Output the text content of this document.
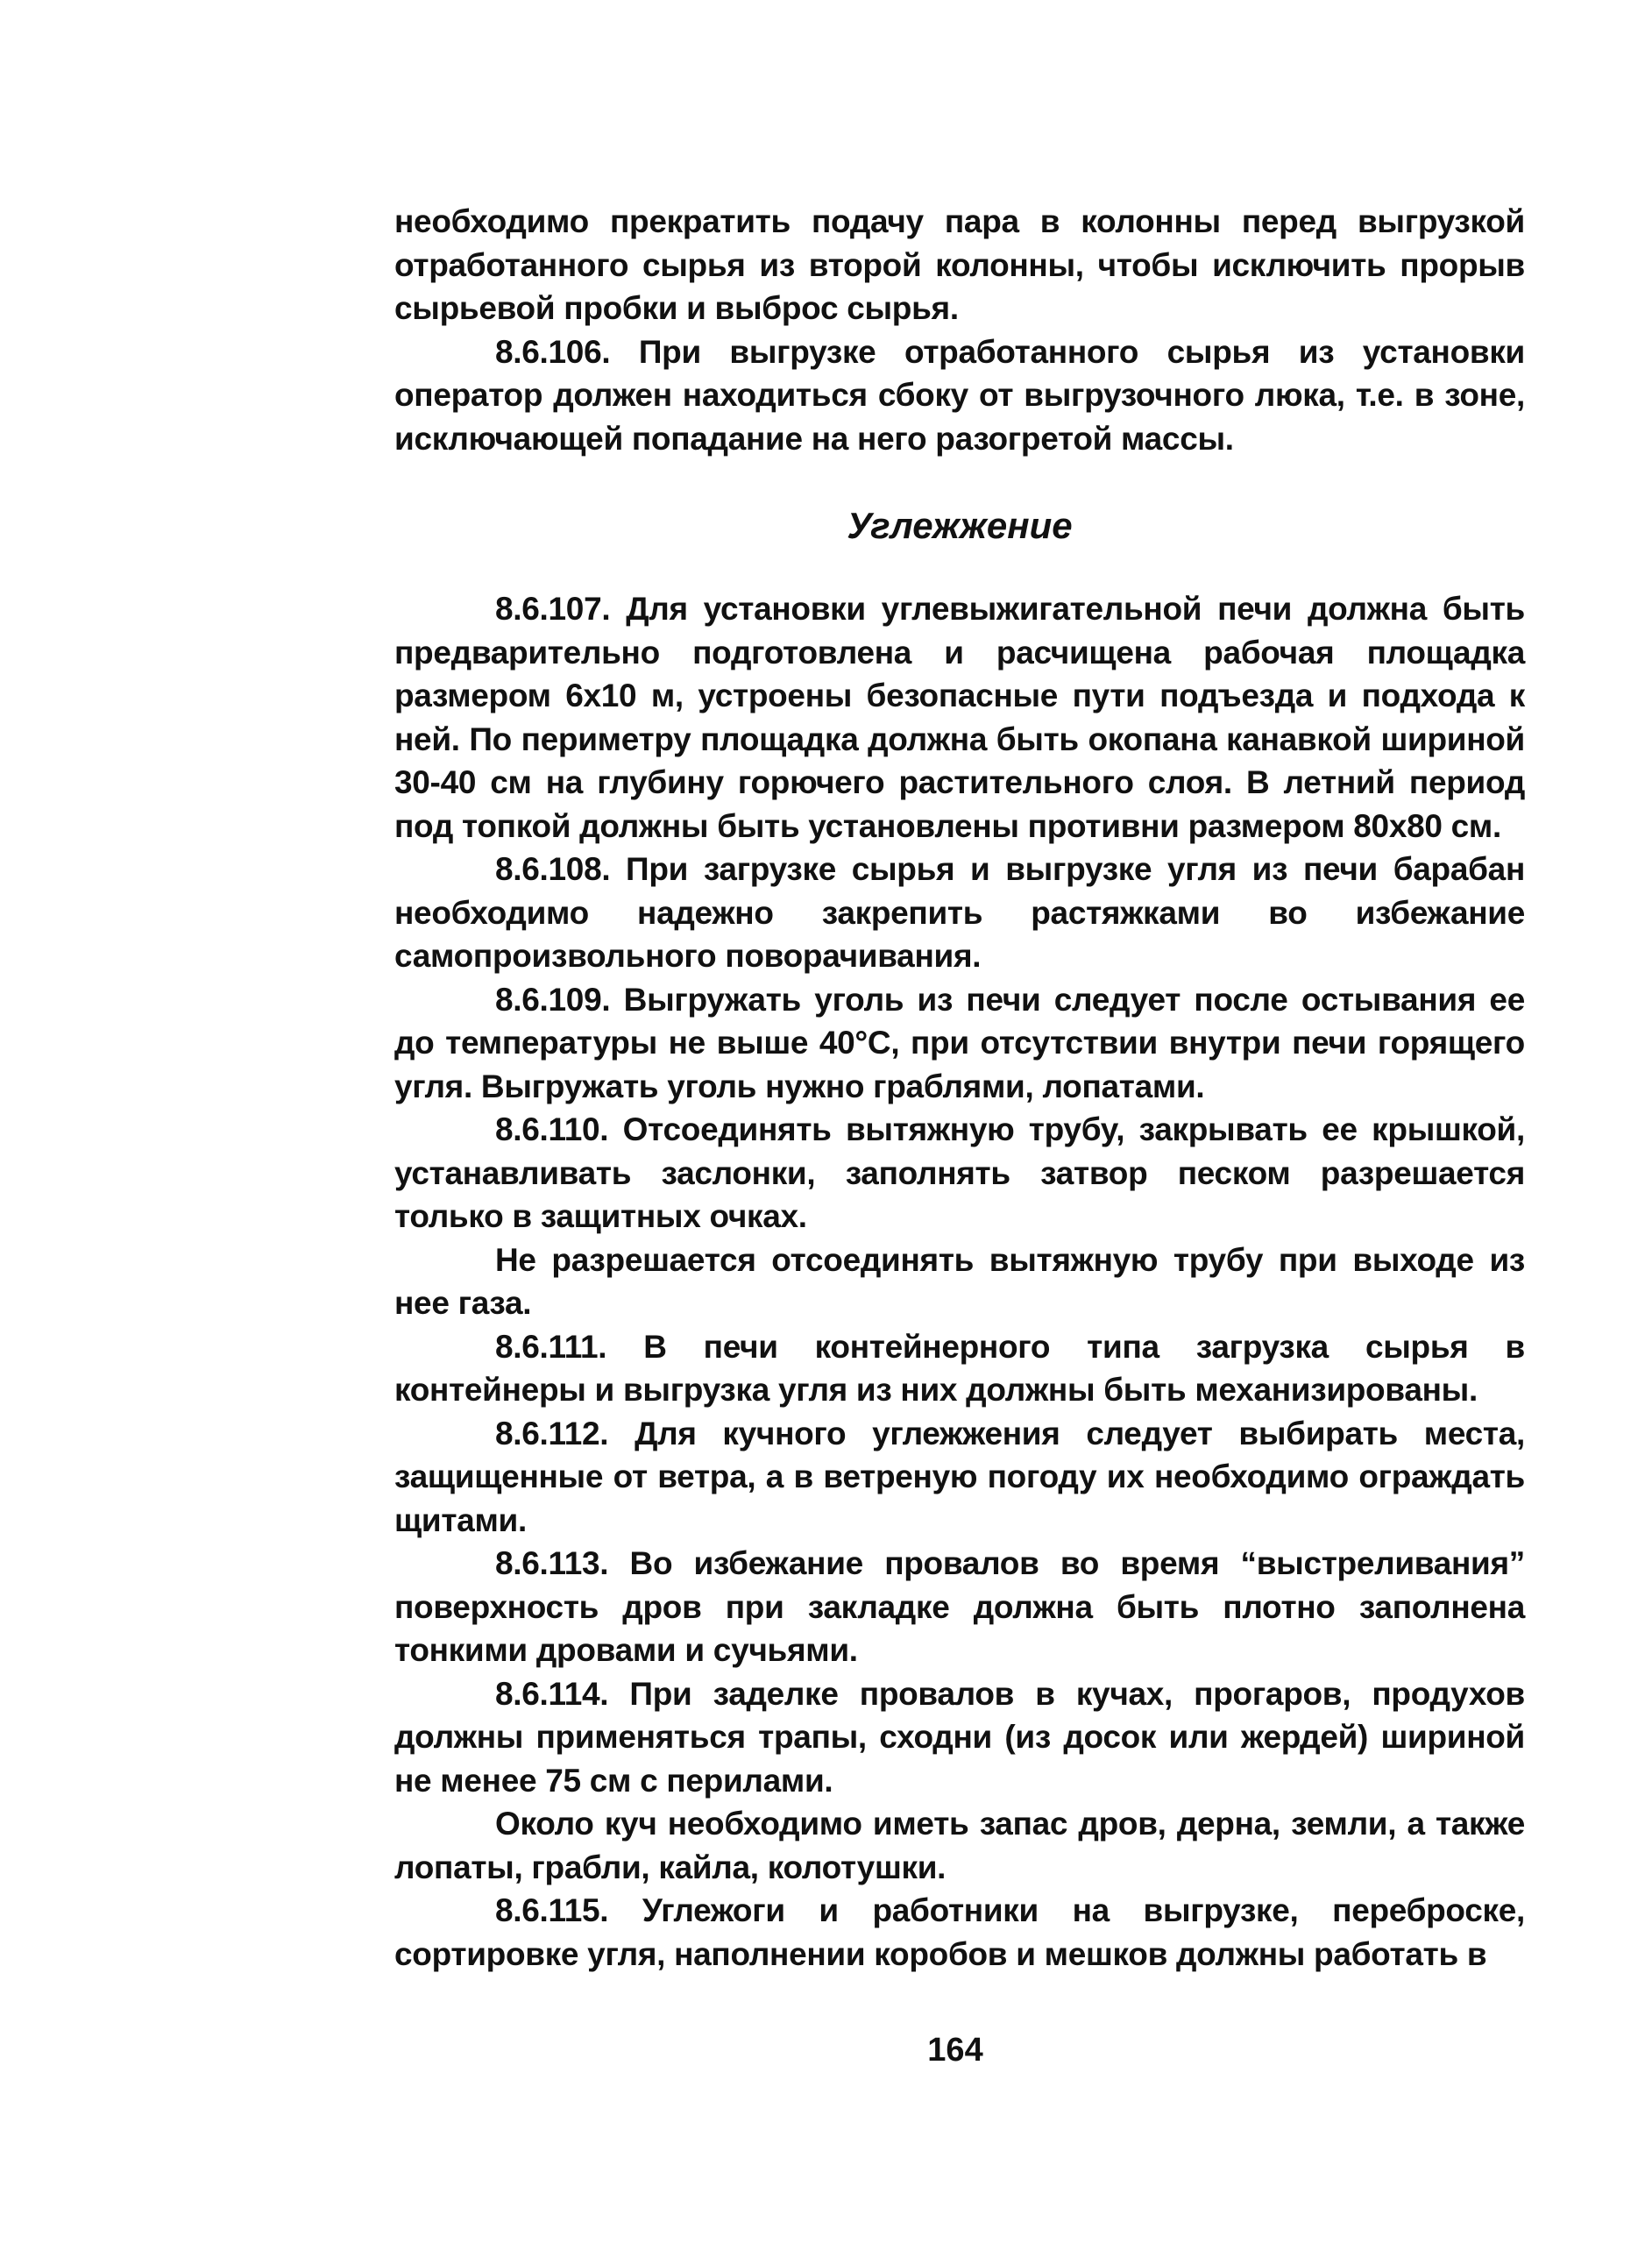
необходимо прекратить подачу пара в колонны перед выгрузкой отработанного сырья из второй колонны, чтобы исключить прорыв сырьевой пробки и выброс сырья.

8.6.106. При выгрузке отработанного сырья из установки оператор должен находиться сбоку от выгрузочного люка, т.е. в зоне, исключающей попадание на него разогретой массы.

Углежжение

8.6.107. Для установки углевыжигательной печи должна быть предварительно подготовлена и расчищена рабочая площадка размером 6х10 м, устроены безопасные пути подъезда и подхода к ней. По периметру площадка должна быть окопана канавкой шириной 30-40 см на глубину горючего растительного слоя. В летний период под топкой должны быть установлены противни размером 80х80 см.

8.6.108. При загрузке сырья и выгрузке угля из печи барабан необходимо надежно закрепить растяжками во избежание самопроизвольного поворачивания.

8.6.109. Выгружать уголь из печи следует после остывания ее до температуры не выше 40°С, при отсутствии внутри печи горящего угля. Выгружать уголь нужно граблями, лопатами.

8.6.110. Отсоединять вытяжную трубу, закрывать ее крышкой, устанавливать заслонки, заполнять затвор песком разрешается только в защитных очках.

Не разрешается отсоединять вытяжную трубу при выходе из нее газа.

8.6.111. В печи контейнерного типа загрузка сырья в контейнеры и выгрузка угля из них должны быть механизированы.

8.6.112. Для кучного углежжения следует выбирать места, защищенные от ветра, а в ветреную погоду их необходимо ограждать щитами.

8.6.113. Во избежание провалов во время “выстреливания” поверхность дров при закладке должна быть плотно заполнена тонкими дровами и сучьями.

8.6.114. При заделке провалов в кучах, прогаров, продухов должны применяться трапы, сходни (из досок или жердей) шириной не менее 75 см с перилами.

Около куч необходимо иметь запас дров, дерна, земли, а также лопаты, грабли, кайла, колотушки.

8.6.115. Углежоги и работники на выгрузке, переброске, сортировке угля, наполнении коробов и мешков должны работать в

164
